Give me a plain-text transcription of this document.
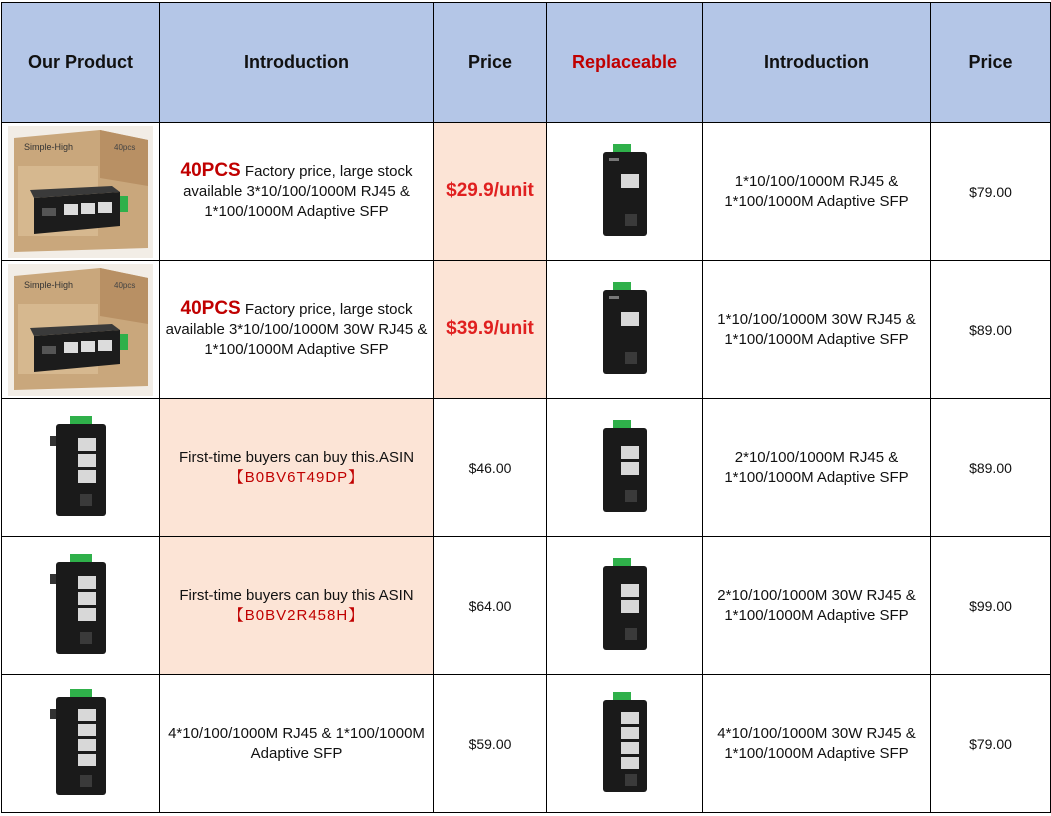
Our Product	Introduction	Price	Replaceable	Introduction	Price

Simple-High 40pcs	40PCS Factory price, large stock available 3*10/100/1000M RJ45 & 1*100/1000M Adaptive SFP	$29.9/unit		1*10/100/1000M RJ45 & 1*100/1000M Adaptive SFP	$79.00

Simple-High 40pcs	40PCS Factory price, large stock available 3*10/100/1000M 30W RJ45 & 1*100/1000M Adaptive SFP	$39.9/unit		1*10/100/1000M 30W RJ45 & 1*100/1000M Adaptive SFP	$89.00

	First-time buyers can buy this.ASIN【B0BV6T49DP】	$46.00		2*10/100/1000M RJ45 & 1*100/1000M Adaptive SFP	$89.00

	First-time buyers can buy this ASIN【B0BV2R458H】	$64.00		2*10/100/1000M 30W RJ45 & 1*100/1000M Adaptive SFP	$99.00

	4*10/100/1000M RJ45 & 1*100/1000M Adaptive SFP	$59.00		4*10/100/1000M 30W RJ45 & 1*100/1000M Adaptive SFP	$79.00
